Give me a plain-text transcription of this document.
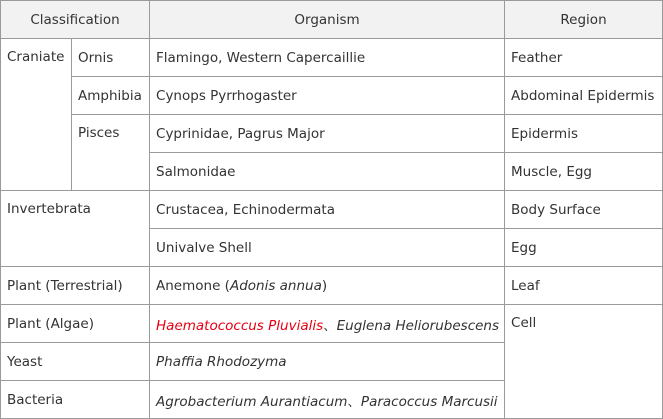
Classification		Organism	Region
Craniate	Ornis	Flamingo, Western Capercaillie	Feather
	Amphibia	Cynops Pyrrhogaster	Abdominal Epidermis
	Pisces	Cyprinidae, Pagrus Major	Epidermis
		Salmonidae	Muscle, Egg
Invertebrata		Crustacea, Echinodermata	Body Surface
		Univalve Shell	Egg
Plant (Terrestrial)		Anemone (Adonis annua)	Leaf
Plant (Algae)		Haematococcus Pluvialis、Euglena Heliorubescens	Cell
Yeast		Phaffia Rhodozyma	
Bacteria		Agrobacterium Aurantiacum、Paracoccus Marcusii	
